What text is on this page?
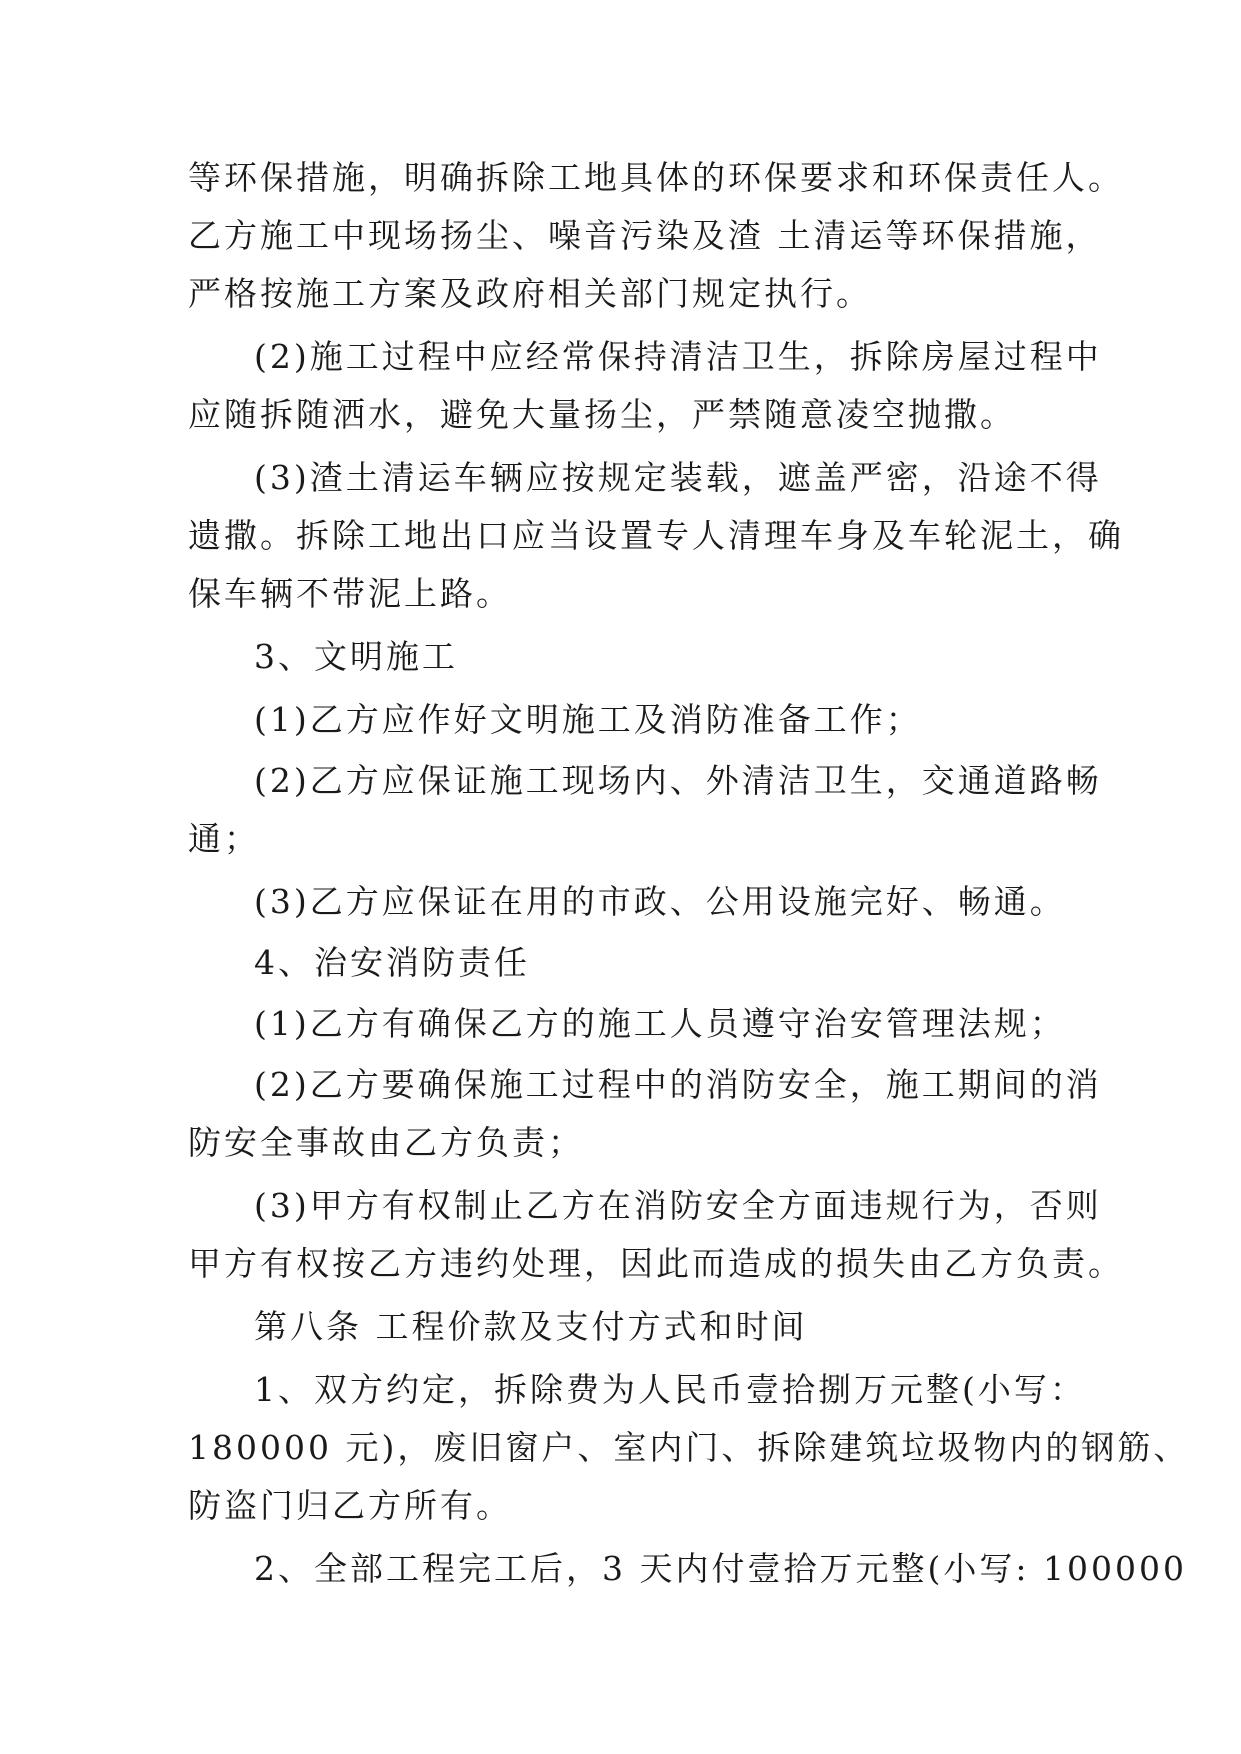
等环保措施，明确拆除工地具体的环保要求和环保责任人。
乙方施工中现场扬尘、噪音污染及渣 土清运等环保措施，
严格按施工方案及政府相关部门规定执行。
(2)施工过程中应经常保持清洁卫生，拆除房屋过程中
应随拆随洒水，避免大量扬尘，严禁随意凌空抛撒。
(3)渣土清运车辆应按规定装载，遮盖严密，沿途不得
遗撒。拆除工地出口应当设置专人清理车身及车轮泥土，确
保车辆不带泥上路。
3、文明施工
(1)乙方应作好文明施工及消防准备工作；
(2)乙方应保证施工现场内、外清洁卫生，交通道路畅
通；
(3)乙方应保证在用的市政、公用设施完好、畅通。
4、治安消防责任
(1)乙方有确保乙方的施工人员遵守治安管理法规；
(2)乙方要确保施工过程中的消防安全，施工期间的消
防安全事故由乙方负责；
(3)甲方有权制止乙方在消防安全方面违规行为，否则
甲方有权按乙方违约处理，因此而造成的损失由乙方负责。
第八条 工程价款及支付方式和时间
1、双方约定，拆除费为人民币壹拾捌万元整(小写：
180000 元)，废旧窗户、室内门、拆除建筑垃圾物内的钢筋、
防盗门归乙方所有。
2、全部工程完工后，3 天内付壹拾万元整(小写: 100000
